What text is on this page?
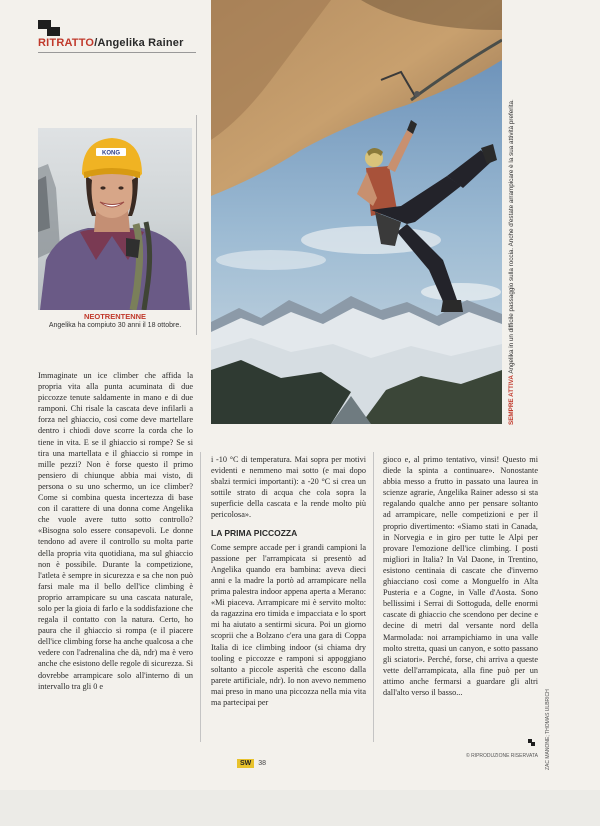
RITRATTO/Angelika Rainer
KONG
NEOTRENTENNE
Angelika ha compiuto 30 anni il 18 ottobre.
SEMPRE ATTIVA Angelika in un difficile passaggio sulla roccia. Anche d'estate arrampicare è la sua attività preferita.

Immaginate un ice climber che affida la propria vita alla punta acuminata di due piccozze tenute saldamente in mano e di due ramponi. Chi risale la cascata deve infilarli a forza nel ghiaccio, così come deve martellare dentro i chiodi dove scorre la corda che lo tiene in vita. E se il ghiaccio si rompe? Se si tira una martellata e il ghiaccio si rompe in mille pezzi? Non è forse questo il primo pensiero di chiunque abbia mai visto, di persona o su uno schermo, un ice climber? Come si combina questa incertezza di base con il carattere di una donna come Angelika che vuole avere tutto sotto controllo? «Bisogna solo essere consapevoli. Le donne tendono ad avere il controllo su molta parte della propria vita quotidiana, ma sul ghiaccio non è possibile. Durante la competizione, l'atleta è sempre in sicurezza e sa che non può farsi male ma il bello dell'ice climbing è proprio arrampicare su una cascata naturale, solo per la gioia di farlo e la soddisfazione che regala il contatto con la natura. Certo, ho paura che il ghiaccio si rompa (e il piacere dell'ice climbing forse ha anche qualcosa a che vedere con l'adrenalina che dà, ndr) ma è vero anche che esistono delle regole di sicurezza. Si dovrebbe arrampicare solo all'interno di un intervallo tra gli 0 e

i -10 °C di temperatura. Mai sopra per motivi evidenti e nemmeno mai sotto (e mai dopo sbalzi termici importanti): a -20 °C si crea un sottile strato di acqua che cola sopra la superficie della cascata e la rende molto più pericolosa».

LA PRIMA PICCOZZA

Come sempre accade per i grandi campioni la passione per l'arrampicata si presentò ad Angelika quando era bambina: aveva dieci anni e la madre la portò ad arrampicare nella prima palestra indoor appena aperta a Merano: «Mi piaceva. Arrampicare mi è servito molto: da ragazzina ero timida e impacciata e lo sport mi ha aiutato a sentirmi sicura. Poi un giorno scoprii che a Bolzano c'era una gara di Coppa Italia di ice climbing indoor (si chiama dry tooling e piccozze e ramponi si appoggiano soltanto a piccole asperità che escono dalla parete artificiale, ndr). Io non avevo nemmeno mai preso in mano una piccozza nella mia vita ma partecipai per

gioco e, al primo tentativo, vinsi! Questo mi diede la spinta a continuare». Nonostante abbia messo a frutto in passato una laurea in scienze agrarie, Angelika Rainer adesso si sta regalando qualche anno per pensare soltanto ad arrampicare, nelle competizioni e per il proprio divertimento: «Siamo stati in Canada, in Norvegia e in giro per tutte le Alpi per provare l'emozione dell'ice climbing. I posti migliori in Italia? In Val Daone, in Trentino, esistono centinaia di cascate che d'inverno ghiacciano così come a Monguelfo in Alta Pusteria e a Cogne, in Valle d'Aosta. Sono bellissimi i Serrai di Sottoguda, delle enormi cascate di ghiaccio che scendono per decine e decine di metri dal versante nord della Marmolada: noi arrampichiamo in una valle molto stretta, quasi un canyon, e sotto passano gli sciatori». Perché, forse, chi arriva a queste vette dell'arrampicata, alla fine può per un attimo anche fermarsi a guardare gli altri dall'alto verso il basso...

© RIPRODUZIONE RISERVATA ZAC MANONE; THOMAS ULBRICH
SW	38
